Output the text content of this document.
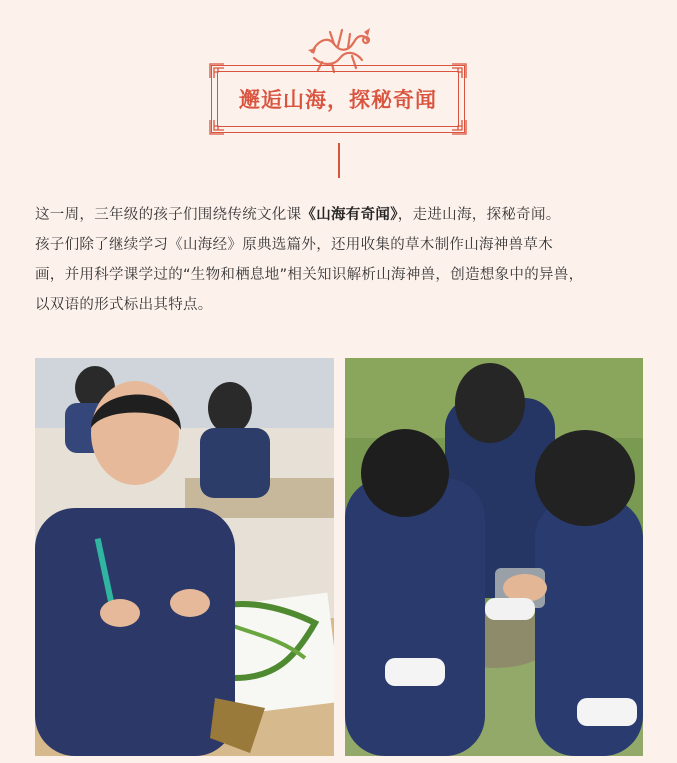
邂逅山海，探秘奇闻
这一周，三年级的孩子们围绕传统文化课《山海有奇闻》，走进山海，探秘奇闻。
孩子们除了继续学习《山海经》原典选篇外，还用收集的草木制作山海神兽草木
画，并用科学课学过的“生物和栖息地”相关知识解析山海神兽，创造想象中的异兽，
以双语的形式标出其特点。
